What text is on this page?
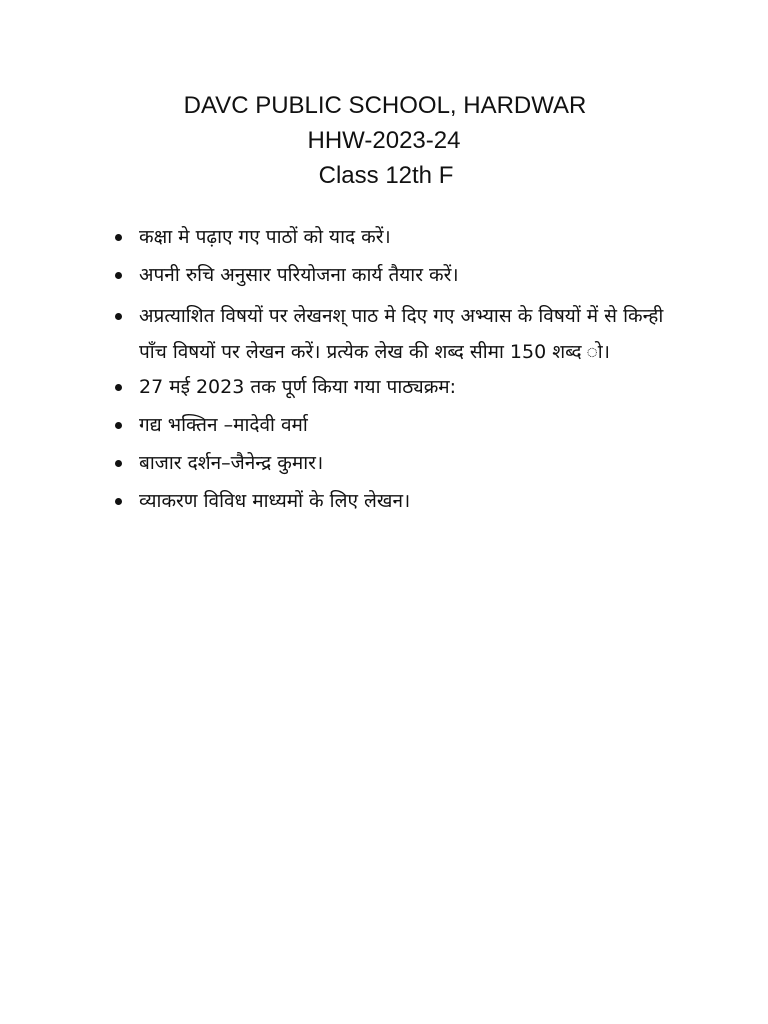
DAVC PUBLIC SCHOOL, HARDWAR
HHW-2023-24
Class 12th F
कक्षा मे पढ़ाए गए पाठों को याद करें।
अपनी रुचि अनुसार परियोजना कार्य तैयार करें।
अप्रत्याशित विषयों पर लेखनश् पाठ मे दिए गए अभ्यास के विषयों में से किन्ही पाँच विषयों पर लेखन करें। प्रत्येक लेख की शब्द सीमा 150 शब्द ो।
27 मई 2023 तक पूर्ण किया गया पाठ्यक्रम:
गद्य भक्तिन –मादेवी वर्मा
बाजार दर्शन–जैनेन्द्र कुमार।
व्याकरण विविध माध्यमों के लिए लेखन।
